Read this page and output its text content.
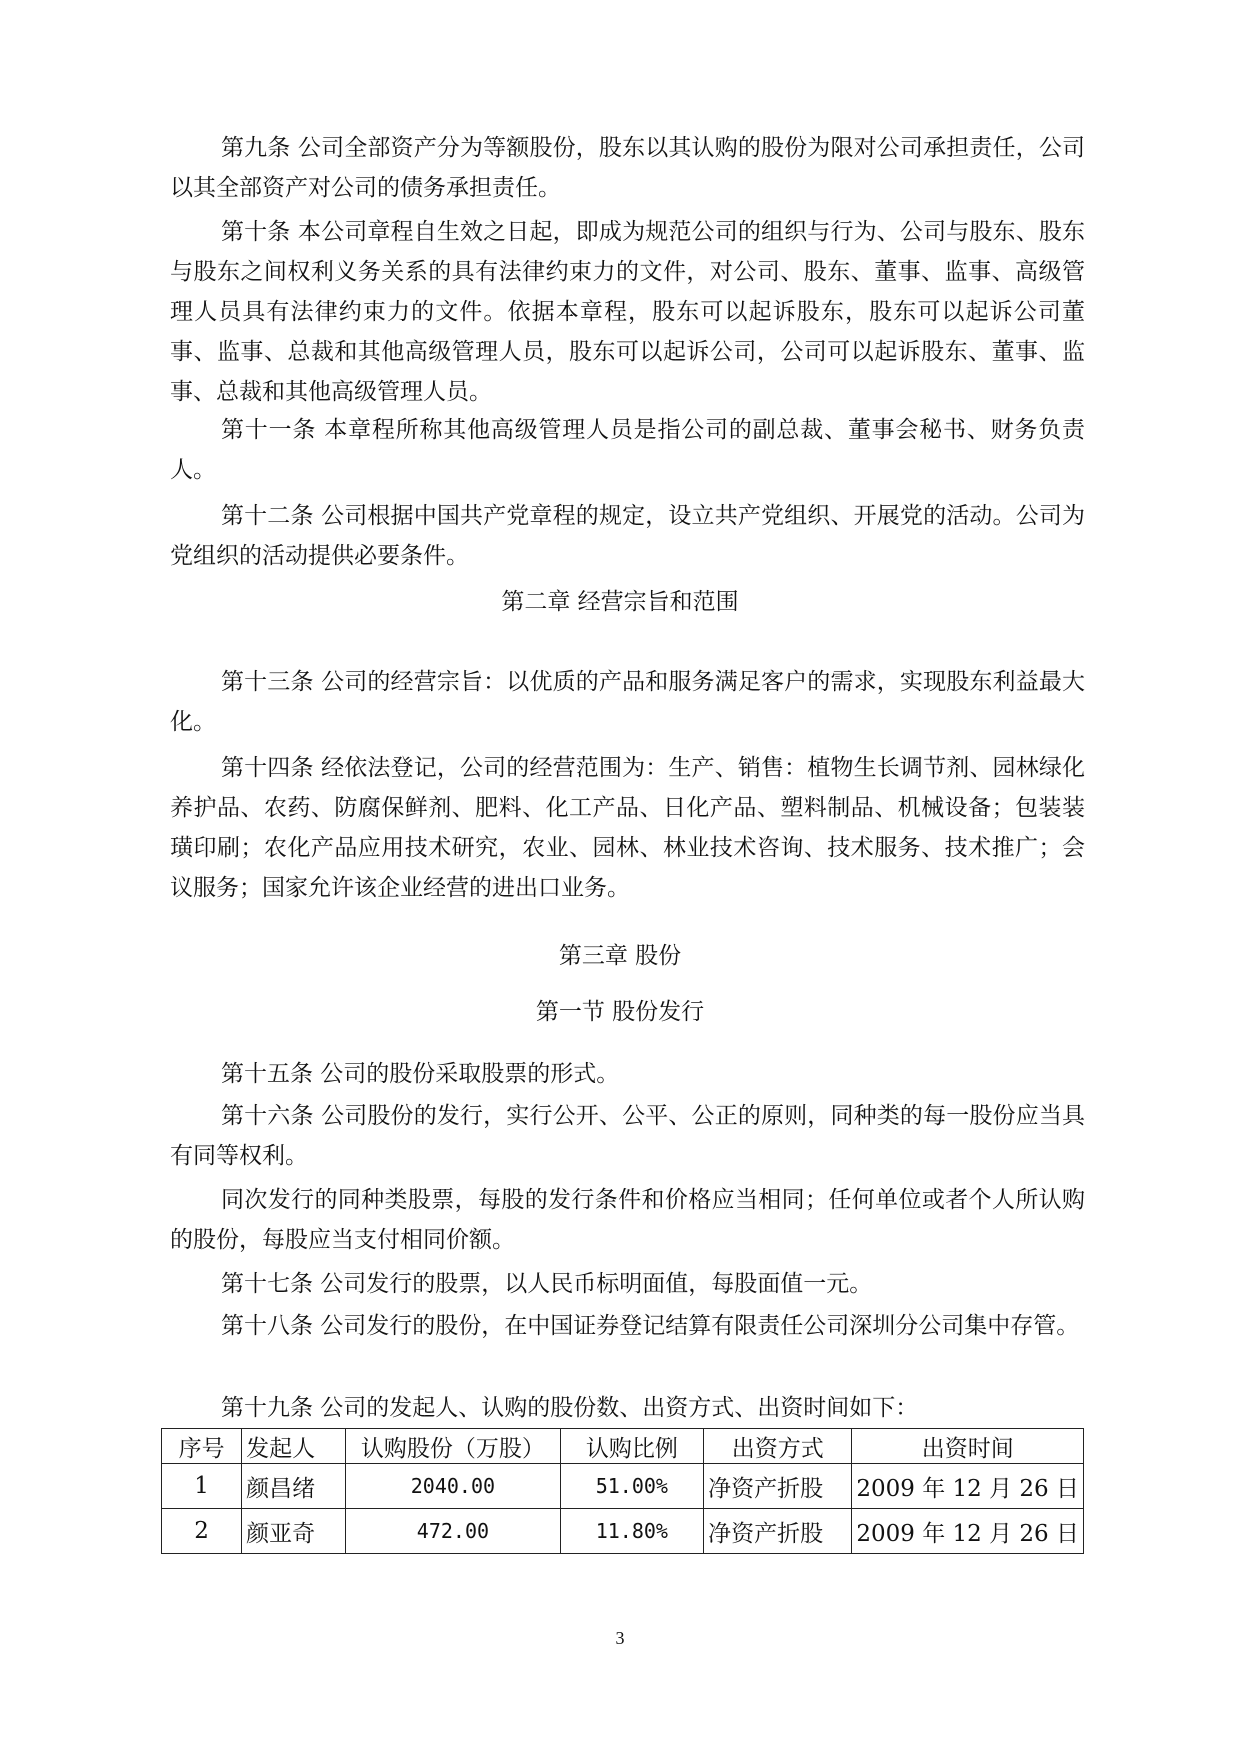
第九条 公司全部资产分为等额股份，股东以其认购的股份为限对公司承担责任，公司以其全部资产对公司的债务承担责任。

第十条 本公司章程自生效之日起，即成为规范公司的组织与行为、公司与股东、股东与股东之间权利义务关系的具有法律约束力的文件，对公司、股东、董事、监事、高级管理人员具有法律约束力的文件。依据本章程，股东可以起诉股东，股东可以起诉公司董事、监事、总裁和其他高级管理人员，股东可以起诉公司，公司可以起诉股东、董事、监事、总裁和其他高级管理人员。

第十一条 本章程所称其他高级管理人员是指公司的副总裁、董事会秘书、财务负责人。

第十二条 公司根据中国共产党章程的规定，设立共产党组织、开展党的活动。公司为党组织的活动提供必要条件。

第二章 经营宗旨和范围

第十三条 公司的经营宗旨：以优质的产品和服务满足客户的需求，实现股东利益最大化。

第十四条 经依法登记，公司的经营范围为：生产、销售：植物生长调节剂、园林绿化养护品、农药、防腐保鲜剂、肥料、化工产品、日化产品、塑料制品、机械设备；包装装璜印刷；农化产品应用技术研究，农业、园林、林业技术咨询、技术服务、技术推广；会议服务；国家允许该企业经营的进出口业务。

第三章 股份

第一节 股份发行

第十五条 公司的股份采取股票的形式。

第十六条 公司股份的发行，实行公开、公平、公正的原则，同种类的每一股份应当具有同等权利。

同次发行的同种类股票，每股的发行条件和价格应当相同；任何单位或者个人所认购的股份，每股应当支付相同价额。

第十七条 公司发行的股票，以人民币标明面值，每股面值一元。

第十八条 公司发行的股份，在中国证券登记结算有限责任公司深圳分公司集中存管。

第十九条 公司的发起人、认购的股份数、出资方式、出资时间如下：

序号	发起人	认购股份（万股）	认购比例	出资方式	出资时间
1	颜昌绪	2040.00	51.00%	净资产折股	2009 年 12 月 26 日
2	颜亚奇	472.00	11.80%	净资产折股	2009 年 12 月 26 日
3
